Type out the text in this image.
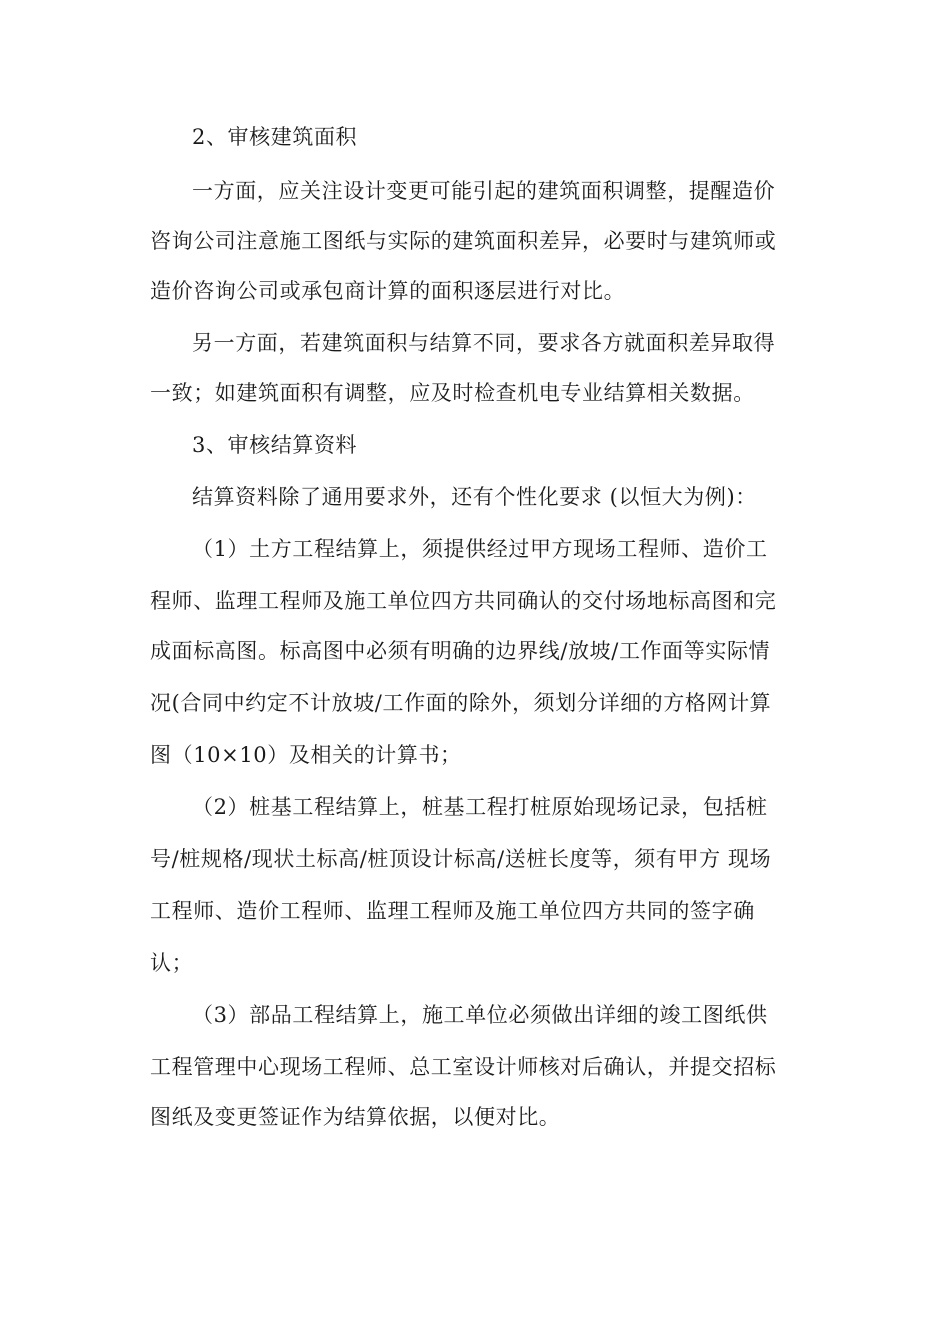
2、审核建筑面积
一方面，应关注设计变更可能引起的建筑面积调整，提醒造价
咨询公司注意施工图纸与实际的建筑面积差异，必要时与建筑师或
造价咨询公司或承包商计算的面积逐层进行对比。
另一方面，若建筑面积与结算不同，要求各方就面积差异取得
一致；如建筑面积有调整，应及时检查机电专业结算相关数据。
3、审核结算资料
结算资料除了通用要求外，还有个性化要求 (以恒大为例)：
（1）土方工程结算上，须提供经过甲方现场工程师、造价工
程师、监理工程师及施工单位四方共同确认的交付场地标高图和完
成面标高图。标高图中必须有明确的边界线/放坡/工作面等实际情
况(合同中约定不计放坡/工作面的除外，须划分详细的方格网计算
图（10×10）及相关的计算书；
（2）桩基工程结算上，桩基工程打桩原始现场记录，包括桩
号/桩规格/现状土标高/桩顶设计标高/送桩长度等，须有甲方 现场
工程师、造价工程师、监理工程师及施工单位四方共同的签字确
认；
（3）部品工程结算上，施工单位必须做出详细的竣工图纸供
工程管理中心现场工程师、总工室设计师核对后确认，并提交招标
图纸及变更签证作为结算依据，以便对比。
